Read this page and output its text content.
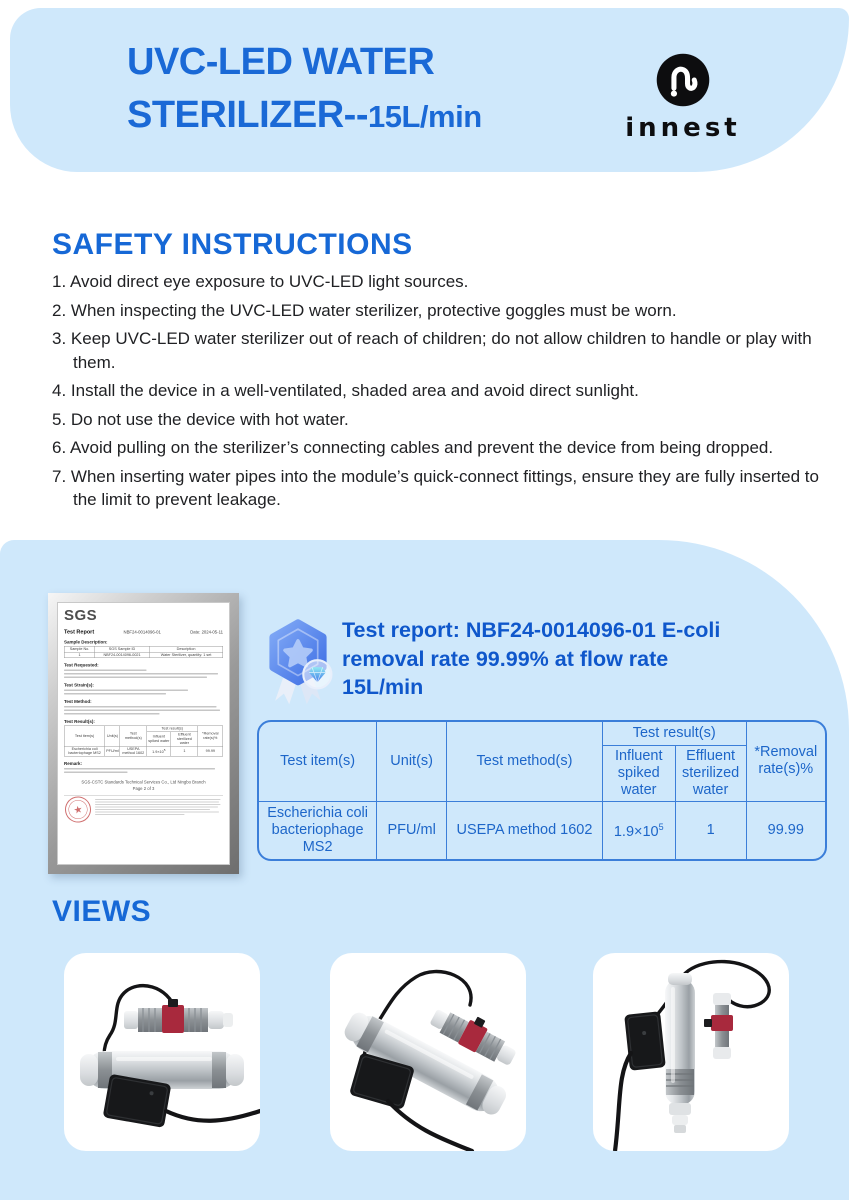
UVC-LED WATER
STERILIZER--15L/min	innest
SAFETY INSTRUCTIONS
1. Avoid direct eye exposure to UVC-LED light sources.
2. When inspecting the UVC-LED water sterilizer, protective goggles must be worn.
3. Keep UVC-LED water sterilizer out of reach of children; do not allow children to handle or play with them.
4. Install the device in a well-ventilated, shaded area and avoid direct sunlight.
5. Do not use the device with hot water.
6. Avoid pulling on the sterilizer’s connecting cables and prevent the device from being dropped.
7. When inserting water pipes into the module’s quick-connect fittings, ensure they are fully inserted to the limit to prevent leakage.
SGS
Test Report	NBF24-0014096-01	Date: 2024-05-11
Sample Description:
Sample No.	SGS Sample ID	Description
1	NBF24-0014096-0021	Water Sterilizer, quantity: 1 set
Test Requested:
Test Strain(s):
Test Method:
Test Result(s):
Test item(s)	Unit(s)	Test method(s)	Test result(s)		*Removal rate(s)%
			Influent spiked water	Effluent sterilized water	
Escherichia coli bacteriophage MS2	PFU/ml	USEPA method 1602	$1.9\times 10^5$	1	99.99
Remark:
SGS-CSTC Standards Technical Services Co., Ltd Ningbo Branch
Page 2 of 3
★
Test report: NBF24-0014096-01 E-coli
removal rate 99.99% at flow rate
15L/min
Test item(s)	Unit(s)	Test method(s)	Test result(s)		*Removal rate(s)%
			Influent spiked water	Effluent sterilized water	
Escherichia coli bacteriophage MS2	PFU/ml	USEPA method 1602	$1.9\times 10^5$	1	99.99
VIEWS
